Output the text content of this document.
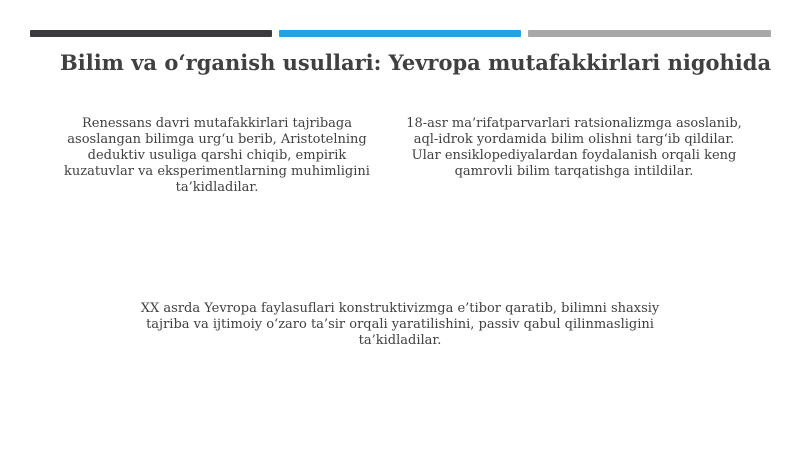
Bilim va o‘rganish usullari: Yevropa mutafakkirlari nigohida
Renessans davri mutafakkirlari tajribaga asoslangan bilimga urg‘u berib, Aristotelning deduktiv usuliga qarshi chiqib, empirik kuzatuvlar va eksperimentlarning muhimligini ta’kidladilar.
18-asr ma’rifatparvarlari ratsionalizmga asoslanib, aql-idrok yordamida bilim olishni targ‘ib qildilar. Ular ensiklopediyalardan foydalanish orqali keng qamrovli bilim tarqatishga intildilar.
XX asrda Yevropa faylasuflari konstruktivizmga e’tibor qaratib, bilimni shaxsiy tajriba va ijtimoiy o‘zaro ta’sir orqali yaratilishini, passiv qabul qilinmasligini ta’kidladilar.
